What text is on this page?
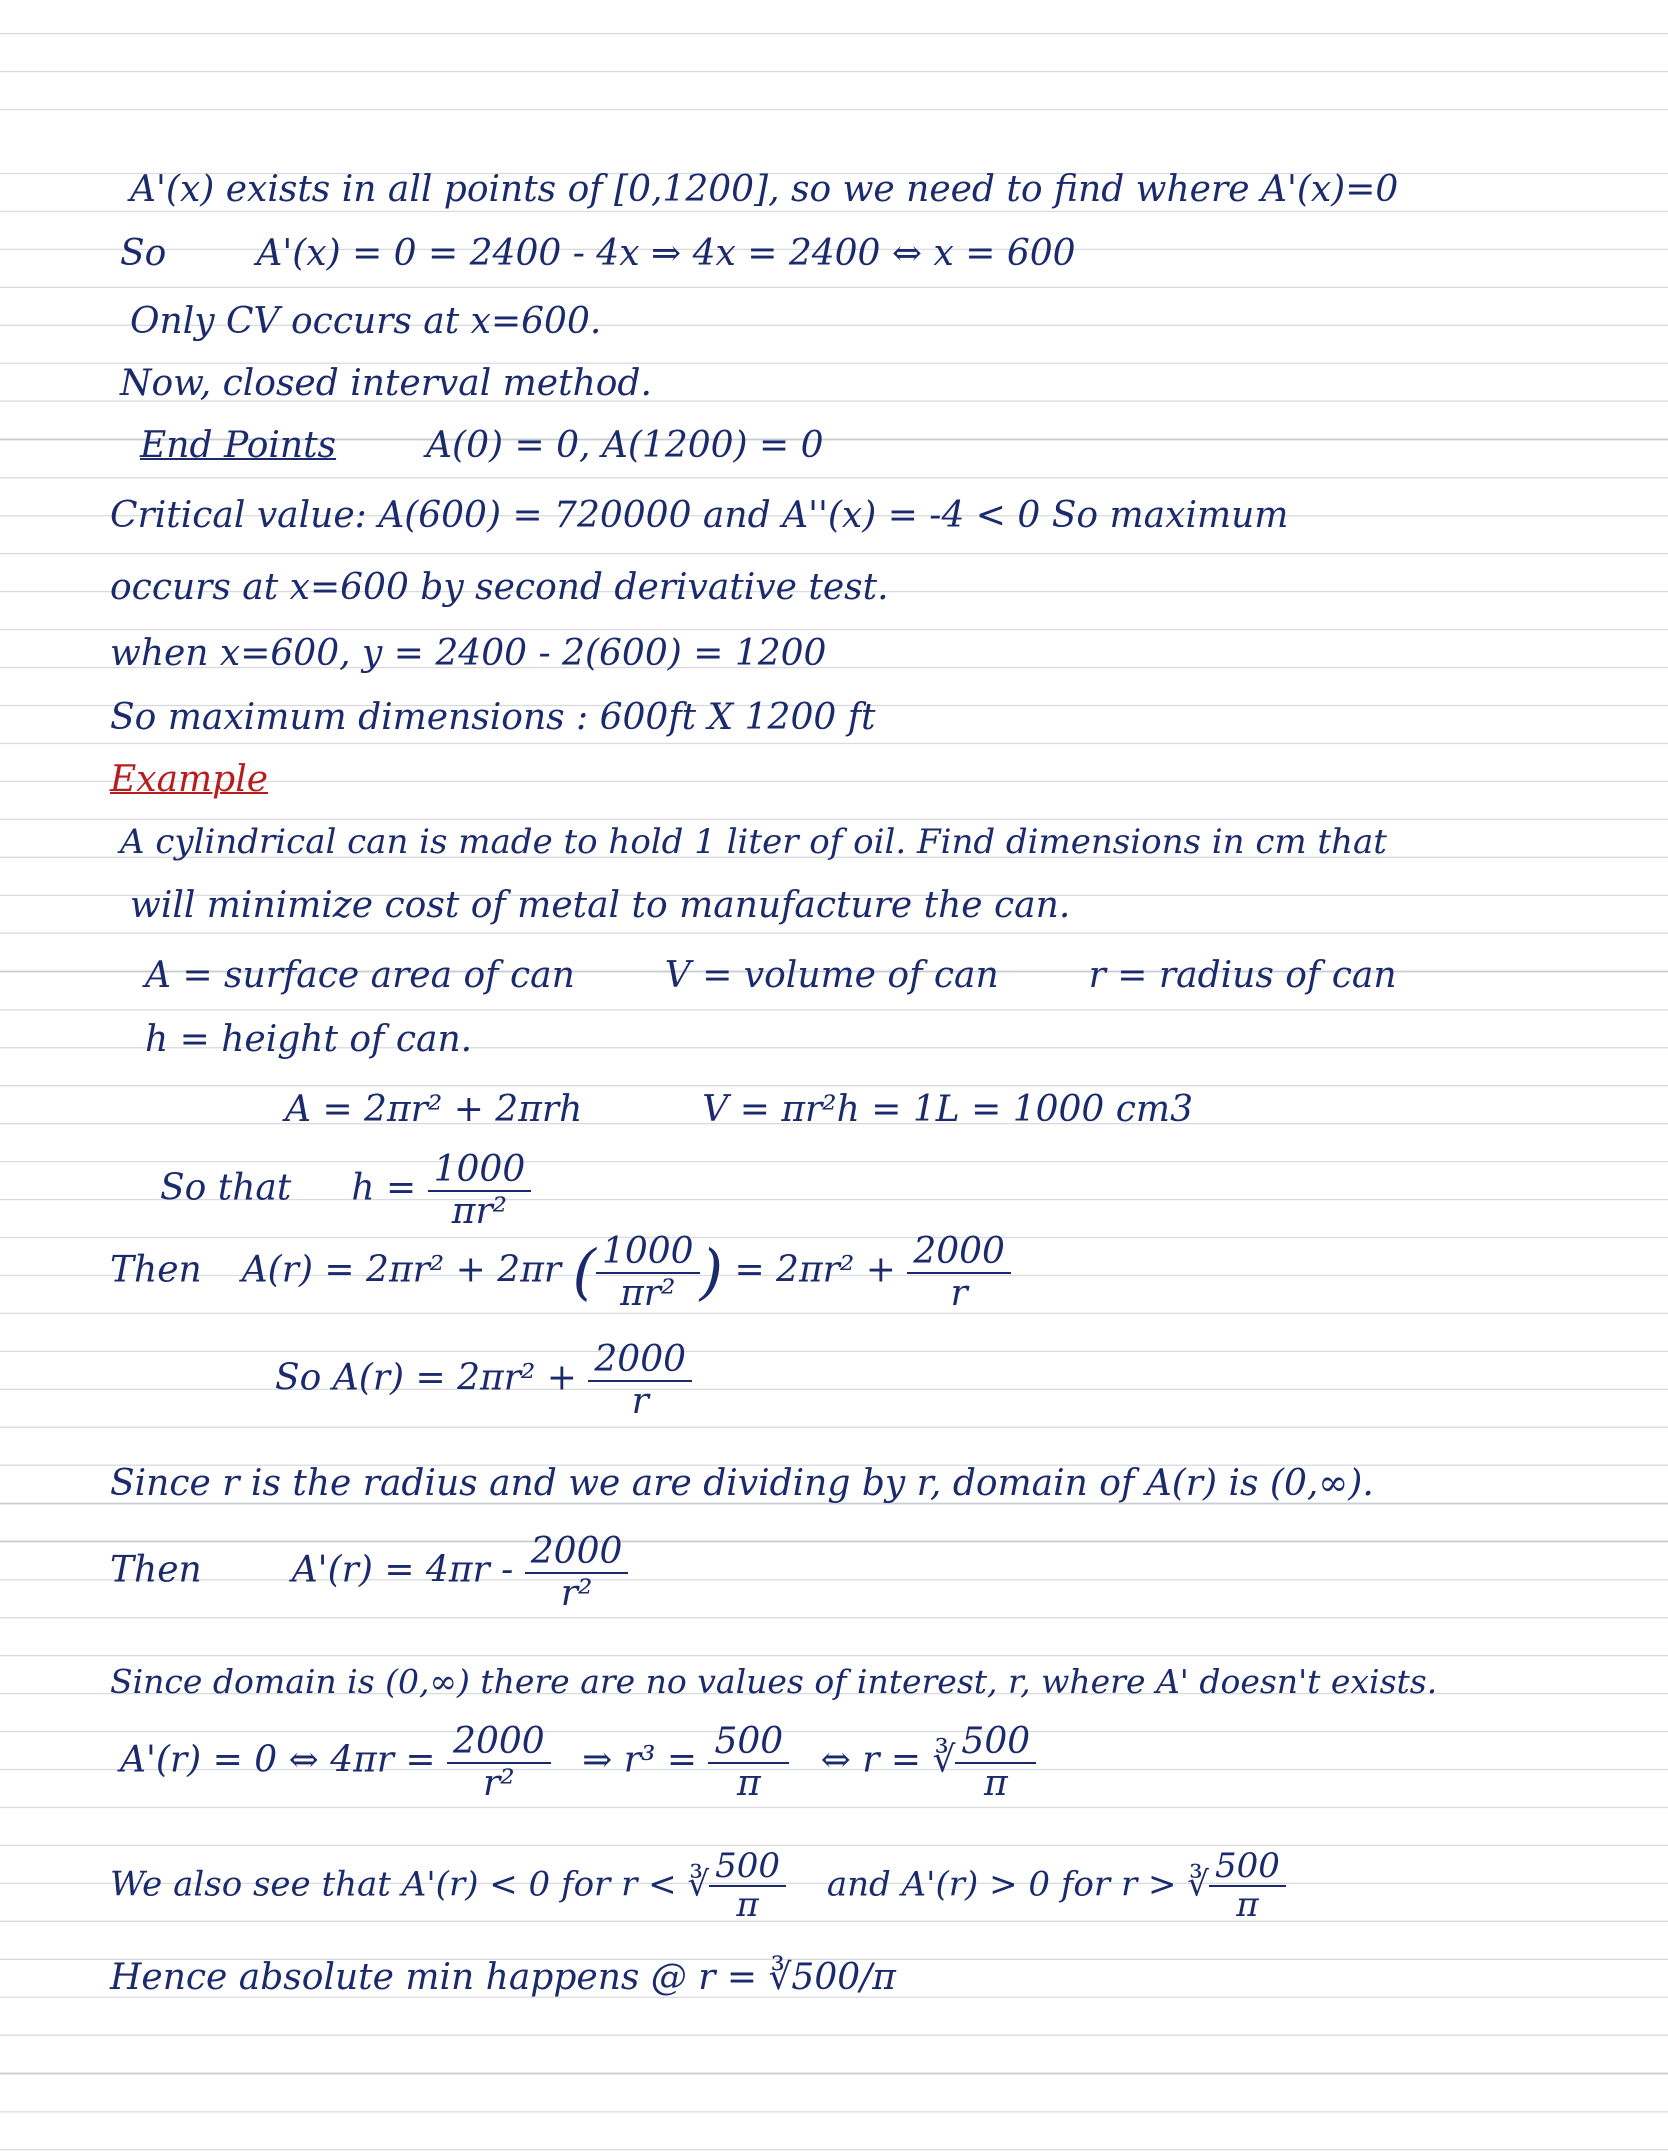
A'(x) exists in all points of [0,1200], so we need to find where A'(x)=0
So	A'(x) = 0 = 2400 - 4x ⇒ 4x = 2400 ⇔ x = 600
Only CV occurs at x=600.
Now, closed interval method.
End Points	A(0) = 0, A(1200) = 0
Critical value: A(600) = 720000 and A''(x) = -4 < 0 So maximum
occurs at x=600 by second derivative test.
when x=600, y = 2400 - 2(600) = 1200
So maximum dimensions : 600ft X 1200 ft
Example
A cylindrical can is made to hold 1 liter of oil. Find dimensions in cm that
will minimize cost of metal to manufacture the can.
A = surface area of can	V = volume of can	r = radius of can
h = height of can.
A = 2πr² + 2πrh	V = πr²h = 1L = 1000 cm3
So that $h = \frac{1000}{\text{πr²}}$
Then A(r) = 2πr² + 2πr ( $\frac{1000}{\text{πr²}}$ ) = $2\pi r^2 + \frac{2000}{r}$
So $A(r) = 2\pi r^2 + \frac{2000}{r}$
Since r is the radius and we are dividing by r, domain of A(r) is (0,∞).
Then	$A'(r) = 4\pi r - \frac{2000}{\text{r²}}$
Since domain is (0,∞) there are no values of interest, r, where A' doesn't exists.
A'(r) = 0 ⇔ $4\pi r = \frac{2000}{\text{r²}}$ ⇒ $r^3 = \frac{500}{\pi}$ ⇔ r = ∛ $\frac{500}{\pi}$
We also see that A'(r) < 0 for r < ∛ $\frac{500}{\pi}$ and A'(r) > 0 for r > ∛ $\frac{500}{\pi}$
Hence absolute min happens @ r = ∛500/π
